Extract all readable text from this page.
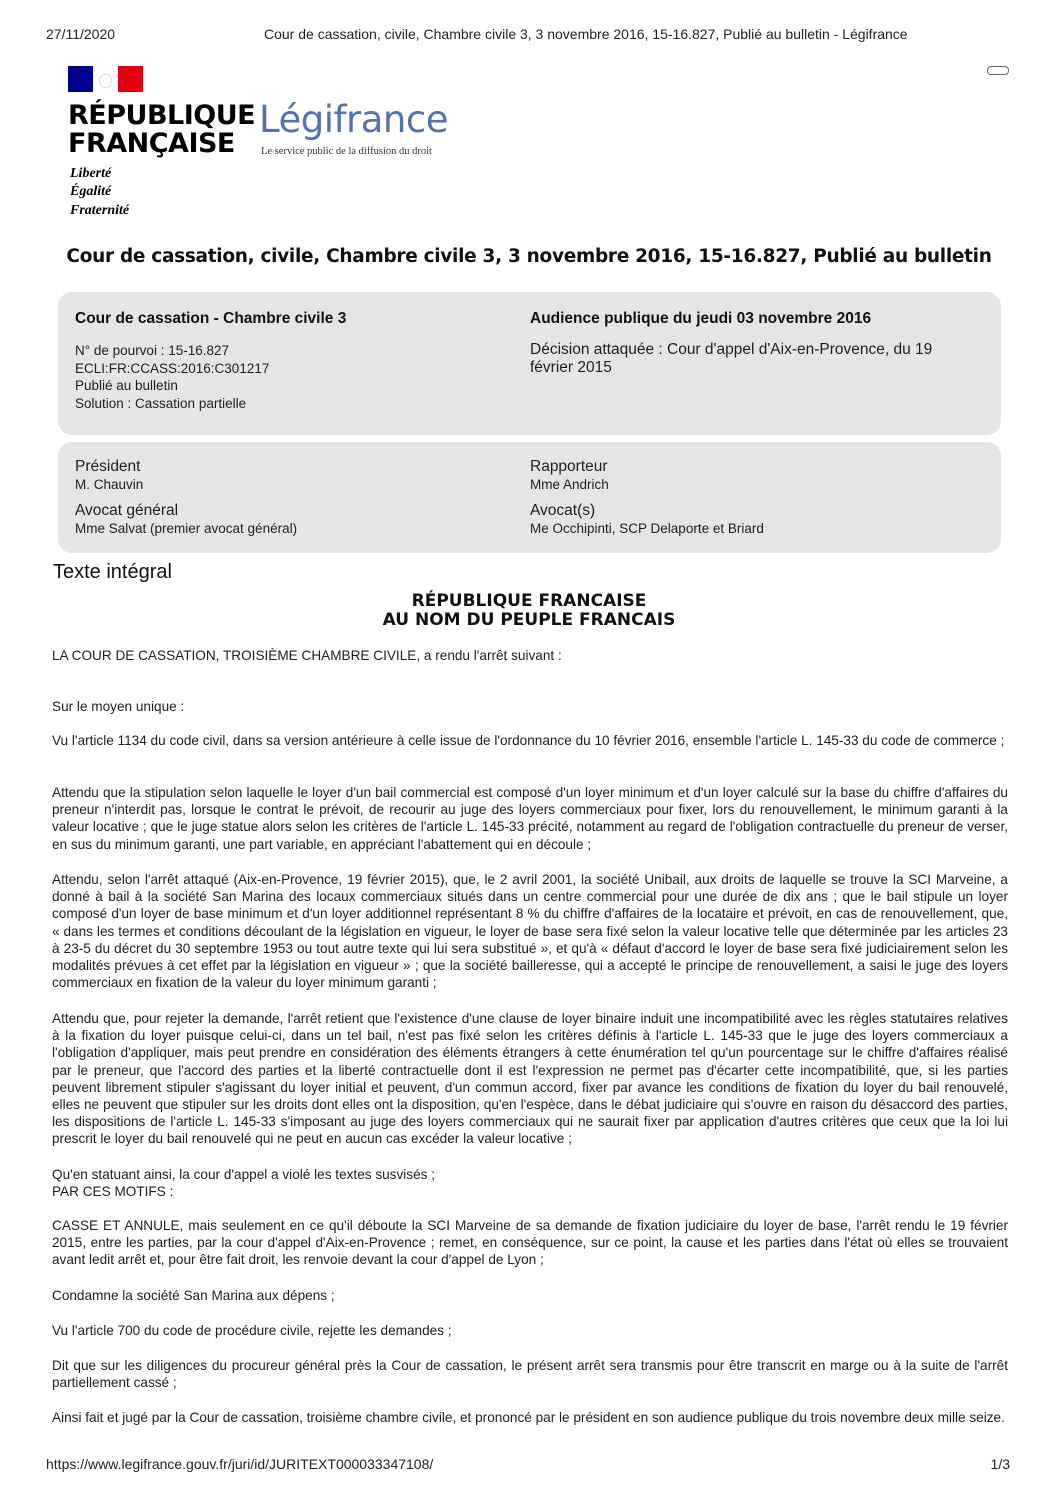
27/11/2020	Cour de cassation, civile, Chambre civile 3, 3 novembre 2016, 15-16.827, Publié au bulletin - Légifrance
RÉPUBLIQUE
FRANÇAISE
Liberté
Égalité
Fraternité
Légifrance
Le service public de la diffusion du droit
Cour de cassation, civile, Chambre civile 3, 3 novembre 2016, 15-16.827, Publié au bulletin
Cour de cassation - Chambre civile 3
N° de pourvoi : 15-16.827
ECLI:FR:CCASS:2016:C301217
Publié au bulletin
Solution : Cassation partielle
Audience publique du jeudi 03 novembre 2016
Décision attaquée : Cour d'appel d'Aix-en-Provence, du 19
février 2015
Président
M. Chauvin
Avocat général
Mme Salvat (premier avocat général)
Rapporteur
Mme Andrich
Avocat(s)
Me Occhipinti, SCP Delaporte et Briard
Texte intégral
RÉPUBLIQUE FRANCAISE
AU NOM DU PEUPLE FRANCAIS

LA COUR DE CASSATION, TROISIÈME CHAMBRE CIVILE, a rendu l'arrêt suivant :

Sur le moyen unique :

Vu l'article 1134 du code civil, dans sa version antérieure à celle issue de l'ordonnance du 10 février 2016, ensemble l'article L. 145-33 du code de commerce ;

Attendu que la stipulation selon laquelle le loyer d'un bail commercial est composé d'un loyer minimum et d'un loyer calculé sur la base du chiffre d'affaires du preneur n'interdit pas, lorsque le contrat le prévoit, de recourir au juge des loyers commerciaux pour fixer, lors du renouvellement, le minimum garanti à la valeur locative ; que le juge statue alors selon les critères de l'article L. 145-33 précité, notamment au regard de l'obligation contractuelle du preneur de verser, en sus du minimum garanti, une part variable, en appréciant l'abattement qui en découle ;

Attendu, selon l'arrêt attaqué (Aix-en-Provence, 19 février 2015), que, le 2 avril 2001, la société Unibail, aux droits de laquelle se trouve la SCI Marveine, a donné à bail à la société San Marina des locaux commerciaux situés dans un centre commercial pour une durée de dix ans ; que le bail stipule un loyer composé d'un loyer de base minimum et d'un loyer additionnel représentant 8 % du chiffre d'affaires de la locataire et prévoit, en cas de renouvellement, que, « dans les termes et conditions découlant de la législation en vigueur, le loyer de base sera fixé selon la valeur locative telle que déterminée par les articles 23 à 23-5 du décret du 30 septembre 1953 ou tout autre texte qui lui sera substitué », et qu'à « défaut d'accord le loyer de base sera fixé judiciairement selon les modalités prévues à cet effet par la législation en vigueur » ; que la société bailleresse, qui a accepté le principe de renouvellement, a saisi le juge des loyers commerciaux en fixation de la valeur du loyer minimum garanti ;

Attendu que, pour rejeter la demande, l'arrêt retient que l'existence d'une clause de loyer binaire induit une incompatibilité avec les règles statutaires relatives à la fixation du loyer puisque celui-ci, dans un tel bail, n'est pas fixé selon les critères définis à l'article L. 145-33 que le juge des loyers commerciaux a l'obligation d'appliquer, mais peut prendre en considération des éléments étrangers à cette énumération tel qu'un pourcentage sur le chiffre d'affaires réalisé par le preneur, que l'accord des parties et la liberté contractuelle dont il est l'expression ne permet pas d'écarter cette incompatibilité, que, si les parties peuvent librement stipuler s'agissant du loyer initial et peuvent, d'un commun accord, fixer par avance les conditions de fixation du loyer du bail renouvelé, elles ne peuvent que stipuler sur les droits dont elles ont la disposition, qu'en l'espèce, dans le débat judiciaire qui s'ouvre en raison du désaccord des parties, les dispositions de l'article L. 145-33 s'imposant au juge des loyers commerciaux qui ne saurait fixer par application d'autres critères que ceux que la loi lui prescrit le loyer du bail renouvelé qui ne peut en aucun cas excéder la valeur locative ;

Qu'en statuant ainsi, la cour d'appel a violé les textes susvisés ;

PAR CES MOTIFS :

CASSE ET ANNULE, mais seulement en ce qu'il déboute la SCI Marveine de sa demande de fixation judiciaire du loyer de base, l'arrêt rendu le 19 février 2015, entre les parties, par la cour d'appel d'Aix-en-Provence ; remet, en conséquence, sur ce point, la cause et les parties dans l'état où elles se trouvaient avant ledit arrêt et, pour être fait droit, les renvoie devant la cour d'appel de Lyon ;

Condamne la société San Marina aux dépens ;

Vu l'article 700 du code de procédure civile, rejette les demandes ;

Dit que sur les diligences du procureur général près la Cour de cassation, le présent arrêt sera transmis pour être transcrit en marge ou à la suite de l'arrêt partiellement cassé ;

Ainsi fait et jugé par la Cour de cassation, troisième chambre civile, et prononcé par le président en son audience publique du trois novembre deux mille seize.

https://www.legifrance.gouv.fr/juri/id/JURITEXT000033347108/	1/3
